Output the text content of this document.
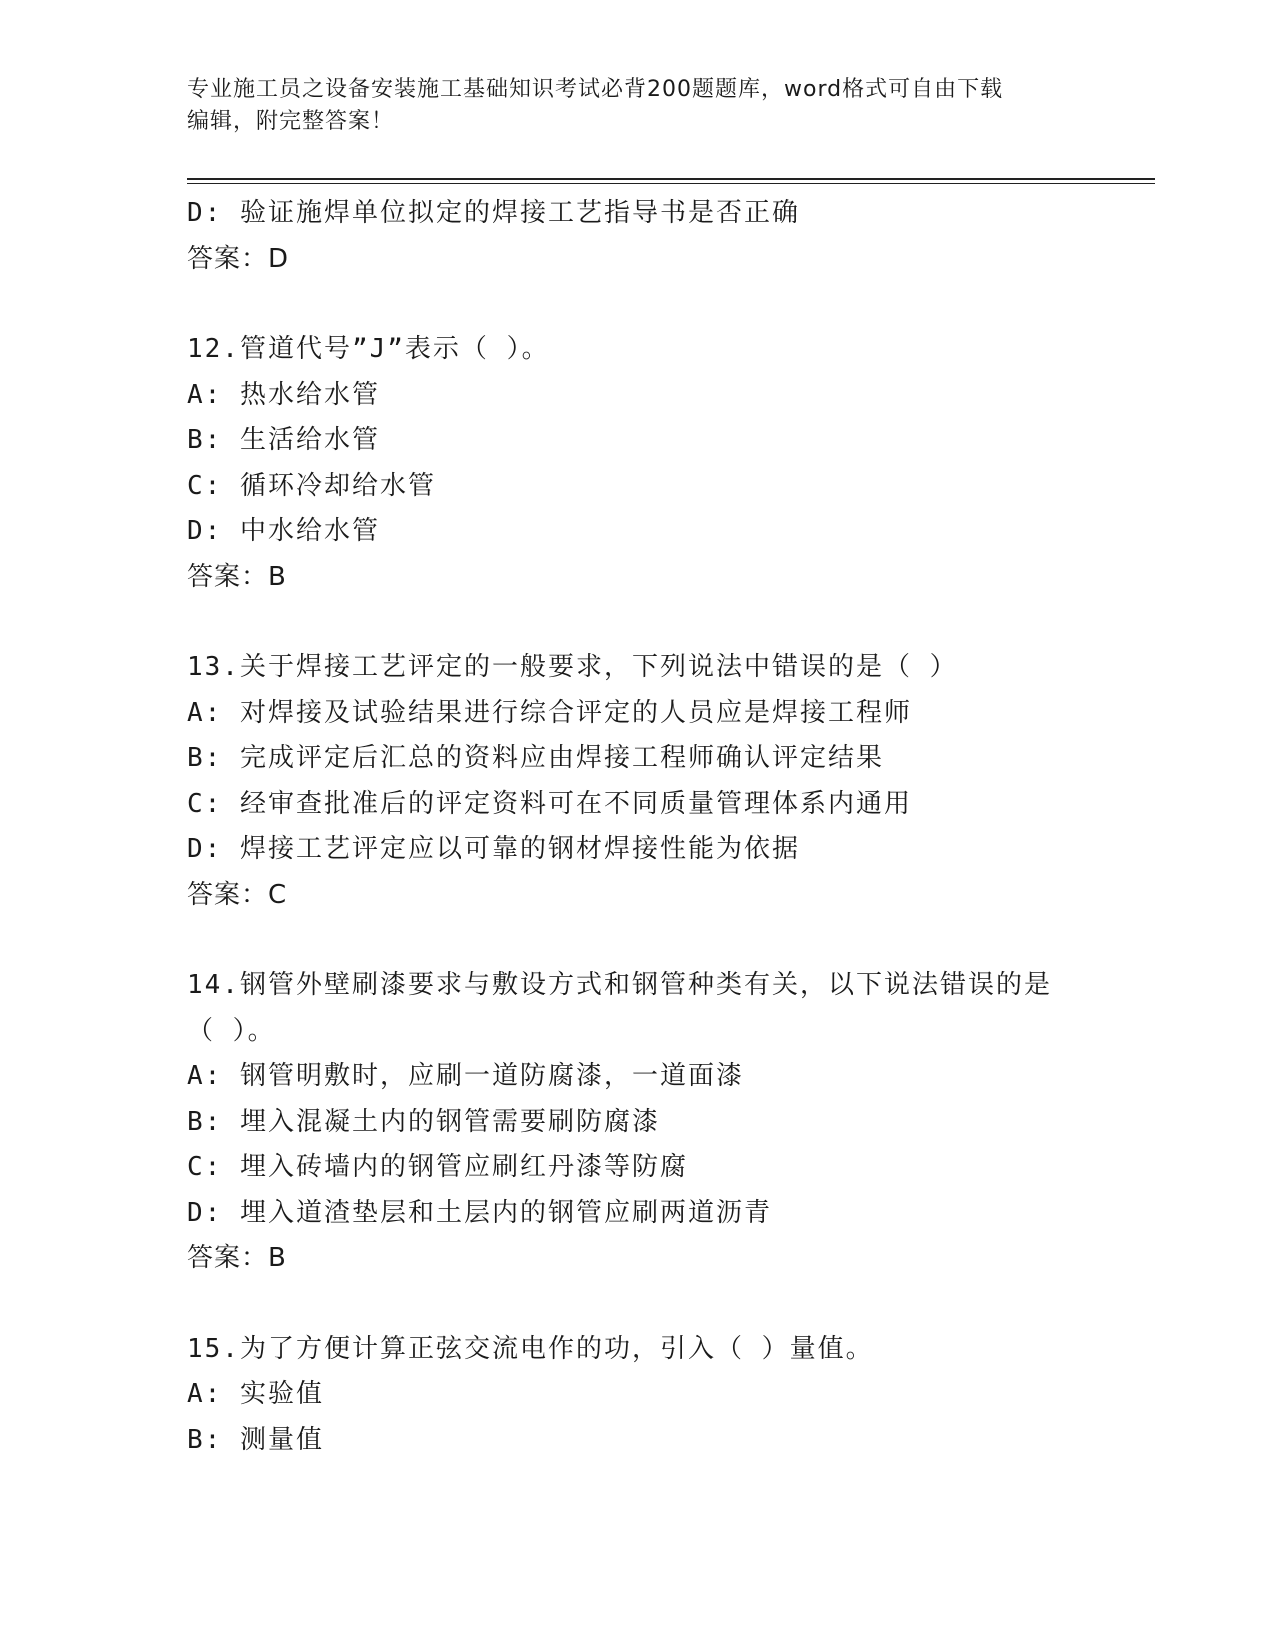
专业施工员之设备安装施工基础知识考试必背200题题库，word格式可自由下载
编辑，附完整答案！
D: 验证施焊单位拟定的焊接工艺指导书是否正确
答案：D
12.管道代号”J”表示（ ）。
A: 热水给水管
B: 生活给水管
C: 循环冷却给水管
D: 中水给水管
答案：B
13.关于焊接工艺评定的一般要求，下列说法中错误的是（ ）
A: 对焊接及试验结果进行综合评定的人员应是焊接工程师
B: 完成评定后汇总的资料应由焊接工程师确认评定结果
C: 经审查批准后的评定资料可在不同质量管理体系内通用
D: 焊接工艺评定应以可靠的钢材焊接性能为依据
答案：C
14.钢管外壁刷漆要求与敷设方式和钢管种类有关，以下说法错误的是
（ ）。
A: 钢管明敷时，应刷一道防腐漆，一道面漆
B: 埋入混凝土内的钢管需要刷防腐漆
C: 埋入砖墙内的钢管应刷红丹漆等防腐
D: 埋入道渣垫层和土层内的钢管应刷两道沥青
答案：B
15.为了方便计算正弦交流电作的功，引入（ ）量值。
A: 实验值
B: 测量值
